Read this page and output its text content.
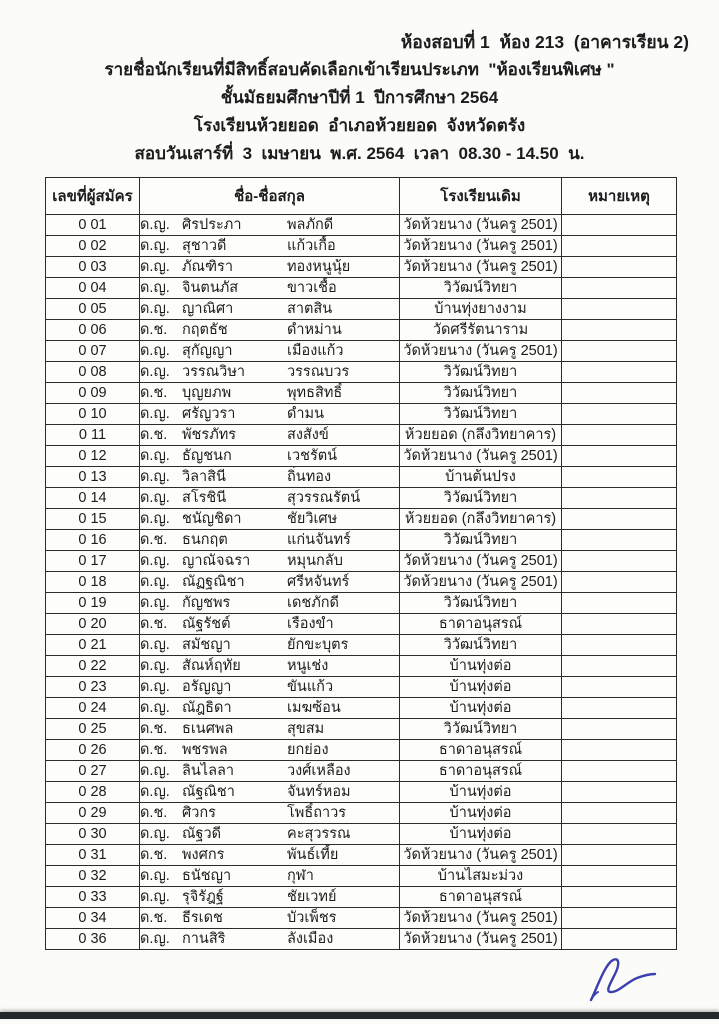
ห้องสอบที่ 1  ห้อง 213  (อาคารเรียน 2)
รายชื่อนักเรียนที่มีสิทธิ์สอบคัดเลือกเข้าเรียนประเภท  "ห้องเรียนพิเศษ "
ชั้นมัธยมศึกษาปีที่ 1  ปีการศึกษา 2564
โรงเรียนห้วยยอด  อำเภอห้วยยอด  จังหวัดตรัง
สอบวันเสาร์ที่  3  เมษายน  พ.ศ. 2564  เวลา  08.30 - 14.50  น.
เลขที่ผู้สมัคร	ชื่อ-ชื่อสกุล	โรงเรียนเดิม	หมายเหตุ
0 01	ด.ญ. ศิรประภา พลภักดี	วัดห้วยนาง (วันครู 2501)	
0 02	ด.ญ. สุชาวดี แก้วเกื้อ	วัดห้วยนาง (วันครู 2501)	
0 03	ด.ญ. ภัณฑิรา ทองหนูนุ้ย	วัดห้วยนาง (วันครู 2501)	
0 04	ด.ญ. จินตนภัส ขาวเชื้อ	วิวัฒน์วิทยา	
0 05	ด.ญ. ญาณิศา สาตสิน	บ้านทุ่งยางงาม	
0 06	ด.ช. กฤตธัช ดำหม่าน	วัดศรีรัตนาราม	
0 07	ด.ญ. สุกัญญา เมืองแก้ว	วัดห้วยนาง (วันครู 2501)	
0 08	ด.ญ. วรรณวิษา วรรณบวร	วิวัฒน์วิทยา	
0 09	ด.ช. บุญยภพ พุทธสิทธิ์	วิวัฒน์วิทยา	
0 10	ด.ญ. ศรัญวรา ดำมน	วิวัฒน์วิทยา	
0 11	ด.ช. พัชรภัทร สงสังข์	ห้วยยอด (กลึงวิทยาคาร)	
0 12	ด.ญ. ธัญชนก เวชรัตน์	วัดห้วยนาง (วันครู 2501)	
0 13	ด.ญ. วิลาสินี ถิ่นทอง	บ้านต้นปรง	
0 14	ด.ญ. สโรชินี สุวรรณรัตน์	วิวัฒน์วิทยา	
0 15	ด.ญ. ชนัญชิดา ชัยวิเศษ	ห้วยยอด (กลึงวิทยาคาร)	
0 16	ด.ช. ธนกฤต แก่นจันทร์	วิวัฒน์วิทยา	
0 17	ด.ญ. ญาณัจฉรา หมุนกลับ	วัดห้วยนาง (วันครู 2501)	
0 18	ด.ญ. ณัฏฐณิชา ศรีหจันทร์	วัดห้วยนาง (วันครู 2501)	
0 19	ด.ญ. กัญชพร เดชภักดี	วิวัฒน์วิทยา	
0 20	ด.ช. ณัฐรัชต์ เรืองขำ	ธาดาอนุสรณ์	
0 21	ด.ญ. สมัชญา ยักขะบุตร	วิวัฒน์วิทยา	
0 22	ด.ญ. สัณห์ฤทัย หนูเช่ง	บ้านทุ่งต่อ	
0 23	ด.ญ. อรัญญา ขันแก้ว	บ้านทุ่งต่อ	
0 24	ด.ญ. ณัฎธิดา เมฆซ้อน	บ้านทุ่งต่อ	
0 25	ด.ช. ธเนศพล สุขสม	วิวัฒน์วิทยา	
0 26	ด.ช. พชรพล ยกย่อง	ธาดาอนุสรณ์	
0 27	ด.ญ. ลินไลลา วงศ์เหลือง	ธาดาอนุสรณ์	
0 28	ด.ญ. ณัฐณิชา จันทร์หอม	บ้านทุ่งต่อ	
0 29	ด.ช. ศิวกร โพธิ์ถาวร	บ้านทุ่งต่อ	
0 30	ด.ญ. ณัฐวดี คะสุวรรณ	บ้านทุ่งต่อ	
0 31	ด.ช. พงศกร พันธ์เที้ย	วัดห้วยนาง (วันครู 2501)	
0 32	ด.ญ. ธนัชญา กุฬา	บ้านไสมะม่วง	
0 33	ด.ญ. รุจิรัฎฐ์ ชัยเวทย์	ธาดาอนุสรณ์	
0 34	ด.ช. ธีรเดช บัวเพ็ชร	วัดห้วยนาง (วันครู 2501)	
0 36	ด.ญ. กานสิริ ลังเมือง	วัดห้วยนาง (วันครู 2501)	
